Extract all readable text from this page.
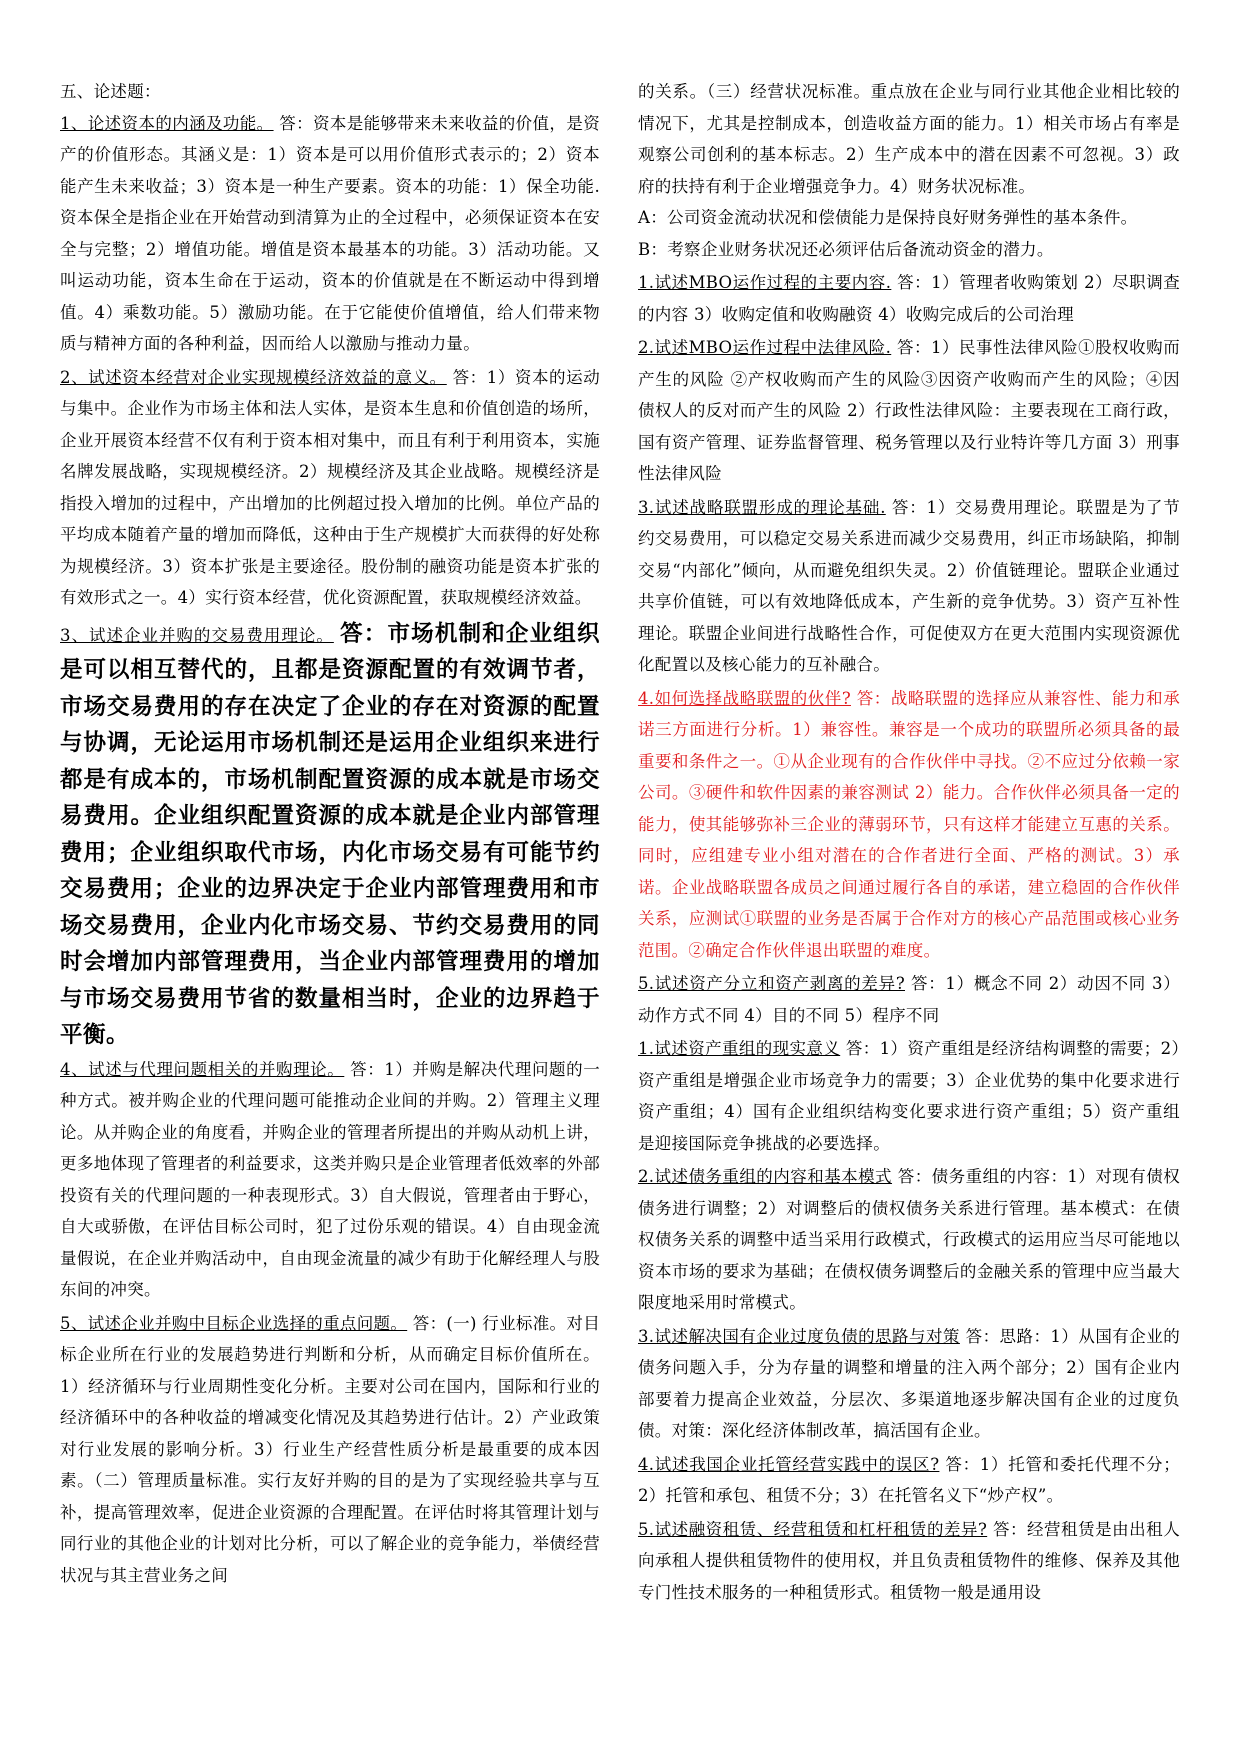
五、论述题：

1、论述资本的内涵及功能。 答：资本是能够带来未来收益的价值，是资产的价值形态。其涵义是：1）资本是可以用价值形式表示的；2）资本能产生未来收益；3）资本是一种生产要素。资本的功能：1）保全功能.资本保全是指企业在开始营动到清算为止的全过程中，必须保证资本在安全与完整；2）增值功能。增值是资本最基本的功能。3）活动功能。又叫运动功能，资本生命在于运动，资本的价值就是在不断运动中得到增值。4）乘数功能。5）激励功能。在于它能使价值增值，给人们带来物质与精神方面的各种利益，因而给人以激励与推动力量。

2、试述资本经营对企业实现规模经济效益的意义。 答：1）资本的运动与集中。企业作为市场主体和法人实体，是资本生息和价值创造的场所，企业开展资本经营不仅有利于资本相对集中，而且有利于利用资本，实施名牌发展战略，实现规模经济。2）规模经济及其企业战略。规模经济是指投入增加的过程中，产出增加的比例超过投入增加的比例。单位产品的平均成本随着产量的增加而降低，这种由于生产规模扩大而获得的好处称为规模经济。3）资本扩张是主要途径。股份制的融资功能是资本扩张的有效形式之一。4）实行资本经营，优化资源配置，获取规模经济效益。

3、试述企业并购的交易费用理论。 答：市场机制和企业组织是可以相互替代的，且都是资源配置的有效调节者，市场交易费用的存在决定了企业的存在对资源的配置与协调，无论运用市场机制还是运用企业组织来进行都是有成本的，市场机制配置资源的成本就是市场交易费用。企业组织配置资源的成本就是企业内部管理费用；企业组织取代市场，内化市场交易有可能节约交易费用；企业的边界决定于企业内部管理费用和市场交易费用，企业内化市场交易、节约交易费用的同时会增加内部管理费用，当企业内部管理费用的增加与市场交易费用节省的数量相当时，企业的边界趋于平衡。

4、试述与代理问题相关的并购理论。 答：1）并购是解决代理问题的一种方式。被并购企业的代理问题可能推动企业间的并购。2）管理主义理论。从并购企业的角度看，并购企业的管理者所提出的并购从动机上讲，更多地体现了管理者的利益要求，这类并购只是企业管理者低效率的外部投资有关的代理问题的一种表现形式。3）自大假说，管理者由于野心，自大或骄傲，在评估目标公司时，犯了过份乐观的错误。4）自由现金流量假说，在企业并购活动中，自由现金流量的减少有助于化解经理人与股东间的冲突。

5、试述企业并购中目标企业选择的重点问题。 答：(一) 行业标准。对目标企业所在行业的发展趋势进行判断和分析，从而确定目标价值所在。1）经济循环与行业周期性变化分析。主要对公司在国内，国际和行业的经济循环中的各种收益的增减变化情况及其趋势进行估计。2）产业政策对行业发展的影响分析。3）行业生产经营性质分析是最重要的成本因素。（二）管理质量标准。实行友好并购的目的是为了实现经验共享与互补，提高管理效率，促进企业资源的合理配置。在评估时将其管理计划与同行业的其他企业的计划对比分析，可以了解企业的竞争能力，举债经营状况与其主营业务之间

的关系。（三）经营状况标准。重点放在企业与同行业其他企业相比较的情况下，尤其是控制成本，创造收益方面的能力。1）相关市场占有率是观察公司创利的基本标志。2）生产成本中的潜在因素不可忽视。3）政府的扶持有利于企业增强竞争力。4）财务状况标准。

A：公司资金流动状况和偿债能力是保持良好财务弹性的基本条件。

B：考察企业财务状况还必须评估后备流动资金的潜力。

1.试述MBO运作过程的主要内容. 答：1）管理者收购策划 2）尽职调查的内容 3）收购定值和收购融资 4）收购完成后的公司治理

2.试述MBO运作过程中法律风险. 答：1）民事性法律风险①股权收购而产生的风险 ②产权收购而产生的风险③因资产收购而产生的风险；④因债权人的反对而产生的风险 2）行政性法律风险：主要表现在工商行政，国有资产管理、证券监督管理、税务管理以及行业特许等几方面 3）刑事性法律风险

3.试述战略联盟形成的理论基础. 答：1）交易费用理论。联盟是为了节约交易费用，可以稳定交易关系进而减少交易费用，纠正市场缺陷，抑制交易“内部化”倾向，从而避免组织失灵。2）价值链理论。盟联企业通过共享价值链，可以有效地降低成本，产生新的竞争优势。3）资产互补性理论。联盟企业间进行战略性合作，可促使双方在更大范围内实现资源优化配置以及核心能力的互补融合。

4.如何选择战略联盟的伙伴? 答：战略联盟的选择应从兼容性、能力和承诺三方面进行分析。1）兼容性。兼容是一个成功的联盟所必须具备的最重要和条件之一。①从企业现有的合作伙伴中寻找。②不应过分依赖一家公司。③硬件和软件因素的兼容测试 2）能力。合作伙伴必须具备一定的能力，使其能够弥补三企业的薄弱环节，只有这样才能建立互惠的关系。同时，应组建专业小组对潜在的合作者进行全面、严格的测试。3）承诺。企业战略联盟各成员之间通过履行各自的承诺，建立稳固的合作伙伴关系，应测试①联盟的业务是否属于合作对方的核心产品范围或核心业务范围。②确定合作伙伴退出联盟的难度。

5.试述资产分立和资产剥离的差异? 答：1）概念不同 2）动因不同 3）动作方式不同 4）目的不同 5）程序不同

1.试述资产重组的现实意义 答：1）资产重组是经济结构调整的需要；2）资产重组是增强企业市场竞争力的需要；3）企业优势的集中化要求进行资产重组；4）国有企业组织结构变化要求进行资产重组；5）资产重组是迎接国际竞争挑战的必要选择。

2.试述债务重组的内容和基本模式 答：债务重组的内容：1）对现有债权债务进行调整；2）对调整后的债权债务关系进行管理。基本模式：在债权债务关系的调整中适当采用行政模式，行政模式的运用应当尽可能地以资本市场的要求为基础；在债权债务调整后的金融关系的管理中应当最大限度地采用时常模式。

3.试述解决国有企业过度负债的思路与对策 答：思路：1）从国有企业的债务问题入手，分为存量的调整和增量的注入两个部分；2）国有企业内部要着力提高企业效益，分层次、多渠道地逐步解决国有企业的过度负债。对策：深化经济体制改革，搞活国有企业。

4.试述我国企业托管经营实践中的误区? 答：1）托管和委托代理不分；2）托管和承包、租赁不分；3）在托管名义下“炒产权”。

5.试述融资租赁、经营租赁和杠杆租赁的差异? 答：经营租赁是由出租人向承租人提供租赁物件的使用权，并且负责租赁物件的维修、保养及其他专门性技术服务的一种租赁形式。租赁物一般是通用设
